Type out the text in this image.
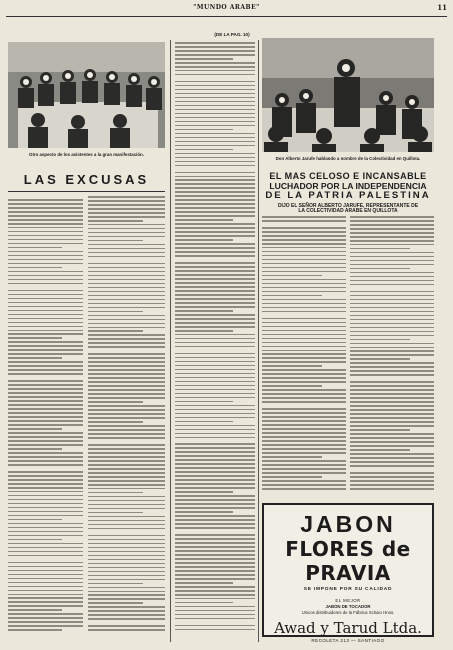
"MUNDO ARABE"	11
(DE LA PAG. 10)
Otro aspecto de los asistentes a la gran manifestación.
Don Alberto Jarufe hablando a nombre de la Colectividad en Quillota.
LAS EXCUSAS	EL MAS CELOSO E INCANSABLE
LUCHADOR POR LA INDEPENDENCIA
DE LA PATRIA PALESTINA
DIJO EL SEÑOR ALBERTO JARUFE, REPRESENTANTE DE
LA COLECTIVIDAD ARABE EN QUILLOTA
JABON
FLORES de PRAVIA
SE IMPONE POR SU CALIDAD
EL MEJOR
JABON DE TOCADOR
Unicos distribuidores de la Fábrica Schaio Hnos.
Awad y Tarud Ltda.
RECOLETA 213 — SANTIAGO
